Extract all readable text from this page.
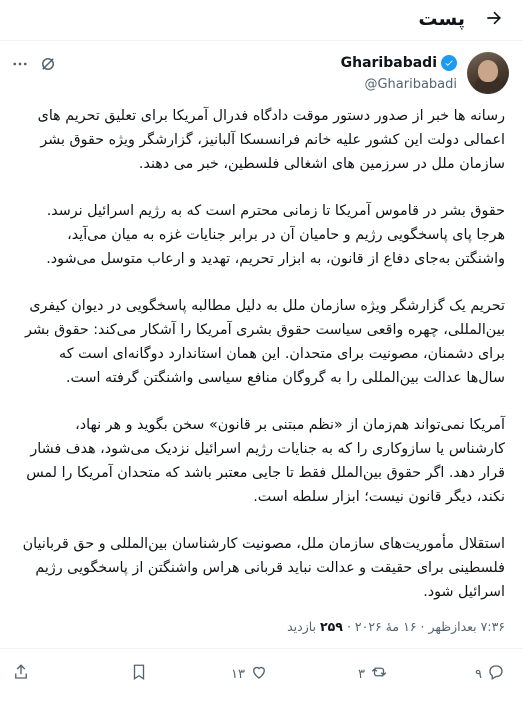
پست
Gharibabadi
@Gharibabadi

رسانه ها خبر از صدور دستور موقت دادگاه فدرال آمریکا برای تعلیق تحریم های اعمالی دولت این کشور علیه خانم فرانسسکا آلبانیز، گزارشگر ویژه حقوق بشر سازمان ملل در سرزمین های اشغالی فلسطین، خبر می دهند.

حقوق بشر در قاموس آمریکا تا زمانی محترم است که به رژیم اسرائیل نرسد. هرجا پای پاسخگویی رژیم و حامیان آن در برابر جنایات غزه به میان می‌آید، واشنگتن به‌جای دفاع از قانون، به ابزار تحریم، تهدید و ارعاب متوسل می‌شود.

تحریم یک گزارشگر ویژه سازمان ملل به دلیل مطالبه پاسخگویی در دیوان کیفری بین‌المللی، چهره واقعی سیاست حقوق بشری آمریکا را آشکار می‌کند: حقوق بشر برای دشمنان، مصونیت برای متحدان. این همان استاندارد دوگانه‌ای است که سال‌ها عدالت بین‌المللی را به گروگان منافع سیاسی واشنگتن گرفته است.

آمریکا نمی‌تواند هم‌زمان از «نظم مبتنی بر قانون» سخن بگوید و هر نهاد، کارشناس یا سازوکاری را که به جنایات رژیم اسرائیل نزدیک می‌شود، هدف فشار قرار دهد. اگر حقوق بین‌الملل فقط تا جایی معتبر باشد که متحدان آمریکا را لمس نکند، دیگر قانون نیست؛ ابزار سلطه است.

استقلال مأموریت‌های سازمان ملل، مصونیت کارشناسان بین‌المللی و حق قربانیان فلسطینی برای حقیقت و عدالت نباید قربانی هراس واشنگتن از پاسخگویی رژیم اسرائیل شود.

۷:۳۶ بعدازظهر · ۱۶ مهٔ ۲۰۲۶ ·
۲۵۹
بازدید
۹
۳
۱۳
